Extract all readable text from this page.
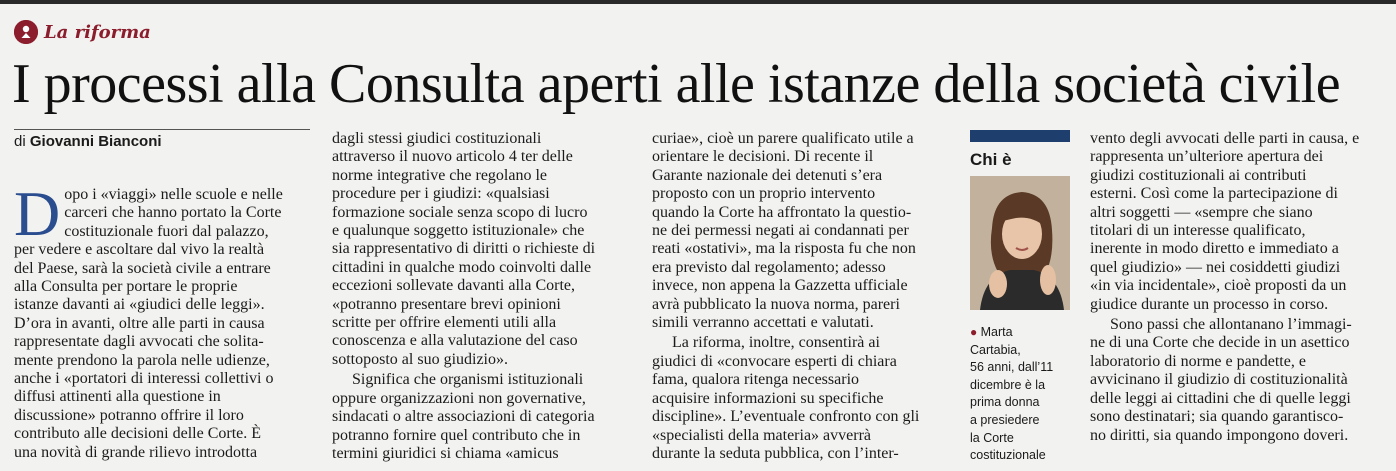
La riforma
I processi alla Consulta aperti alle istanze della società civile
di Giovanni Bianconi
D opo i «viaggi» nelle scuole e nelle

carceri che hanno portato la Corte

costituzionale fuori dal palazzo,

per vedere e ascoltare dal vivo la realtà

del Paese, sarà la società civile a entrare

alla Consulta per portare le proprie

istanze davanti ai «giudici delle leggi».

D’ora in avanti, oltre alle parti in causa

rappresentate dagli avvocati che solita-

mente prendono la parola nelle udienze,

anche i «portatori di interessi collettivi o

diffusi attinenti alla questione in

discussione» potranno offrire il loro

contributo alle decisioni delle Corte. È

una novità di grande rilievo introdotta

dagli stessi giudici costituzionali

attraverso il nuovo articolo 4 ter delle

norme integrative che regolano le

procedure per i giudizi: «qualsiasi

formazione sociale senza scopo di lucro

e qualunque soggetto istituzionale» che

sia rappresentativo di diritti o richieste di

cittadini in qualche modo coinvolti dalle

eccezioni sollevate davanti alla Corte,

«potranno presentare brevi opinioni

scritte per offrire elementi utili alla

conoscenza e alla valutazione del caso

sottoposto al suo giudizio».

Significa che organismi istituzionali

oppure organizzazioni non governative,

sindacati o altre associazioni di categoria

potranno fornire quel contributo che in

termini giuridici si chiama «amicus

curiae», cioè un parere qualificato utile a

orientare le decisioni. Di recente il

Garante nazionale dei detenuti s’era

proposto con un proprio intervento

quando la Corte ha affrontato la questio-

ne dei permessi negati ai condannati per

reati «ostativi», ma la risposta fu che non

era previsto dal regolamento; adesso

invece, non appena la Gazzetta ufficiale

avrà pubblicato la nuova norma, pareri

simili verranno accettati e valutati.

La riforma, inoltre, consentirà ai

giudici di «convocare esperti di chiara

fama, qualora ritenga necessario

acquisire informazioni su specifiche

discipline». L’eventuale confronto con gli

«specialisti della materia» avverrà

durante la seduta pubblica, con l’inter-

Chi è

● Marta

Cartabia,

56 anni, dall’11

dicembre è la

prima donna

a presiedere

la Corte

costituzionale

vento degli avvocati delle parti in causa, e

rappresenta un’ulteriore apertura dei

giudizi costituzionali ai contributi

esterni. Così come la partecipazione di

altri soggetti — «sempre che siano

titolari di un interesse qualificato,

inerente in modo diretto e immediato a

quel giudizio» — nei cosiddetti giudizi

«in via incidentale», cioè proposti da un

giudice durante un processo in corso.

Sono passi che allontanano l’immagi-

ne di una Corte che decide in un asettico

laboratorio di norme e pandette, e

avvicinano il giudizio di costituzionalità

delle leggi ai cittadini che di quelle leggi

sono destinatari; sia quando garantisco-

no diritti, sia quando impongono doveri.
